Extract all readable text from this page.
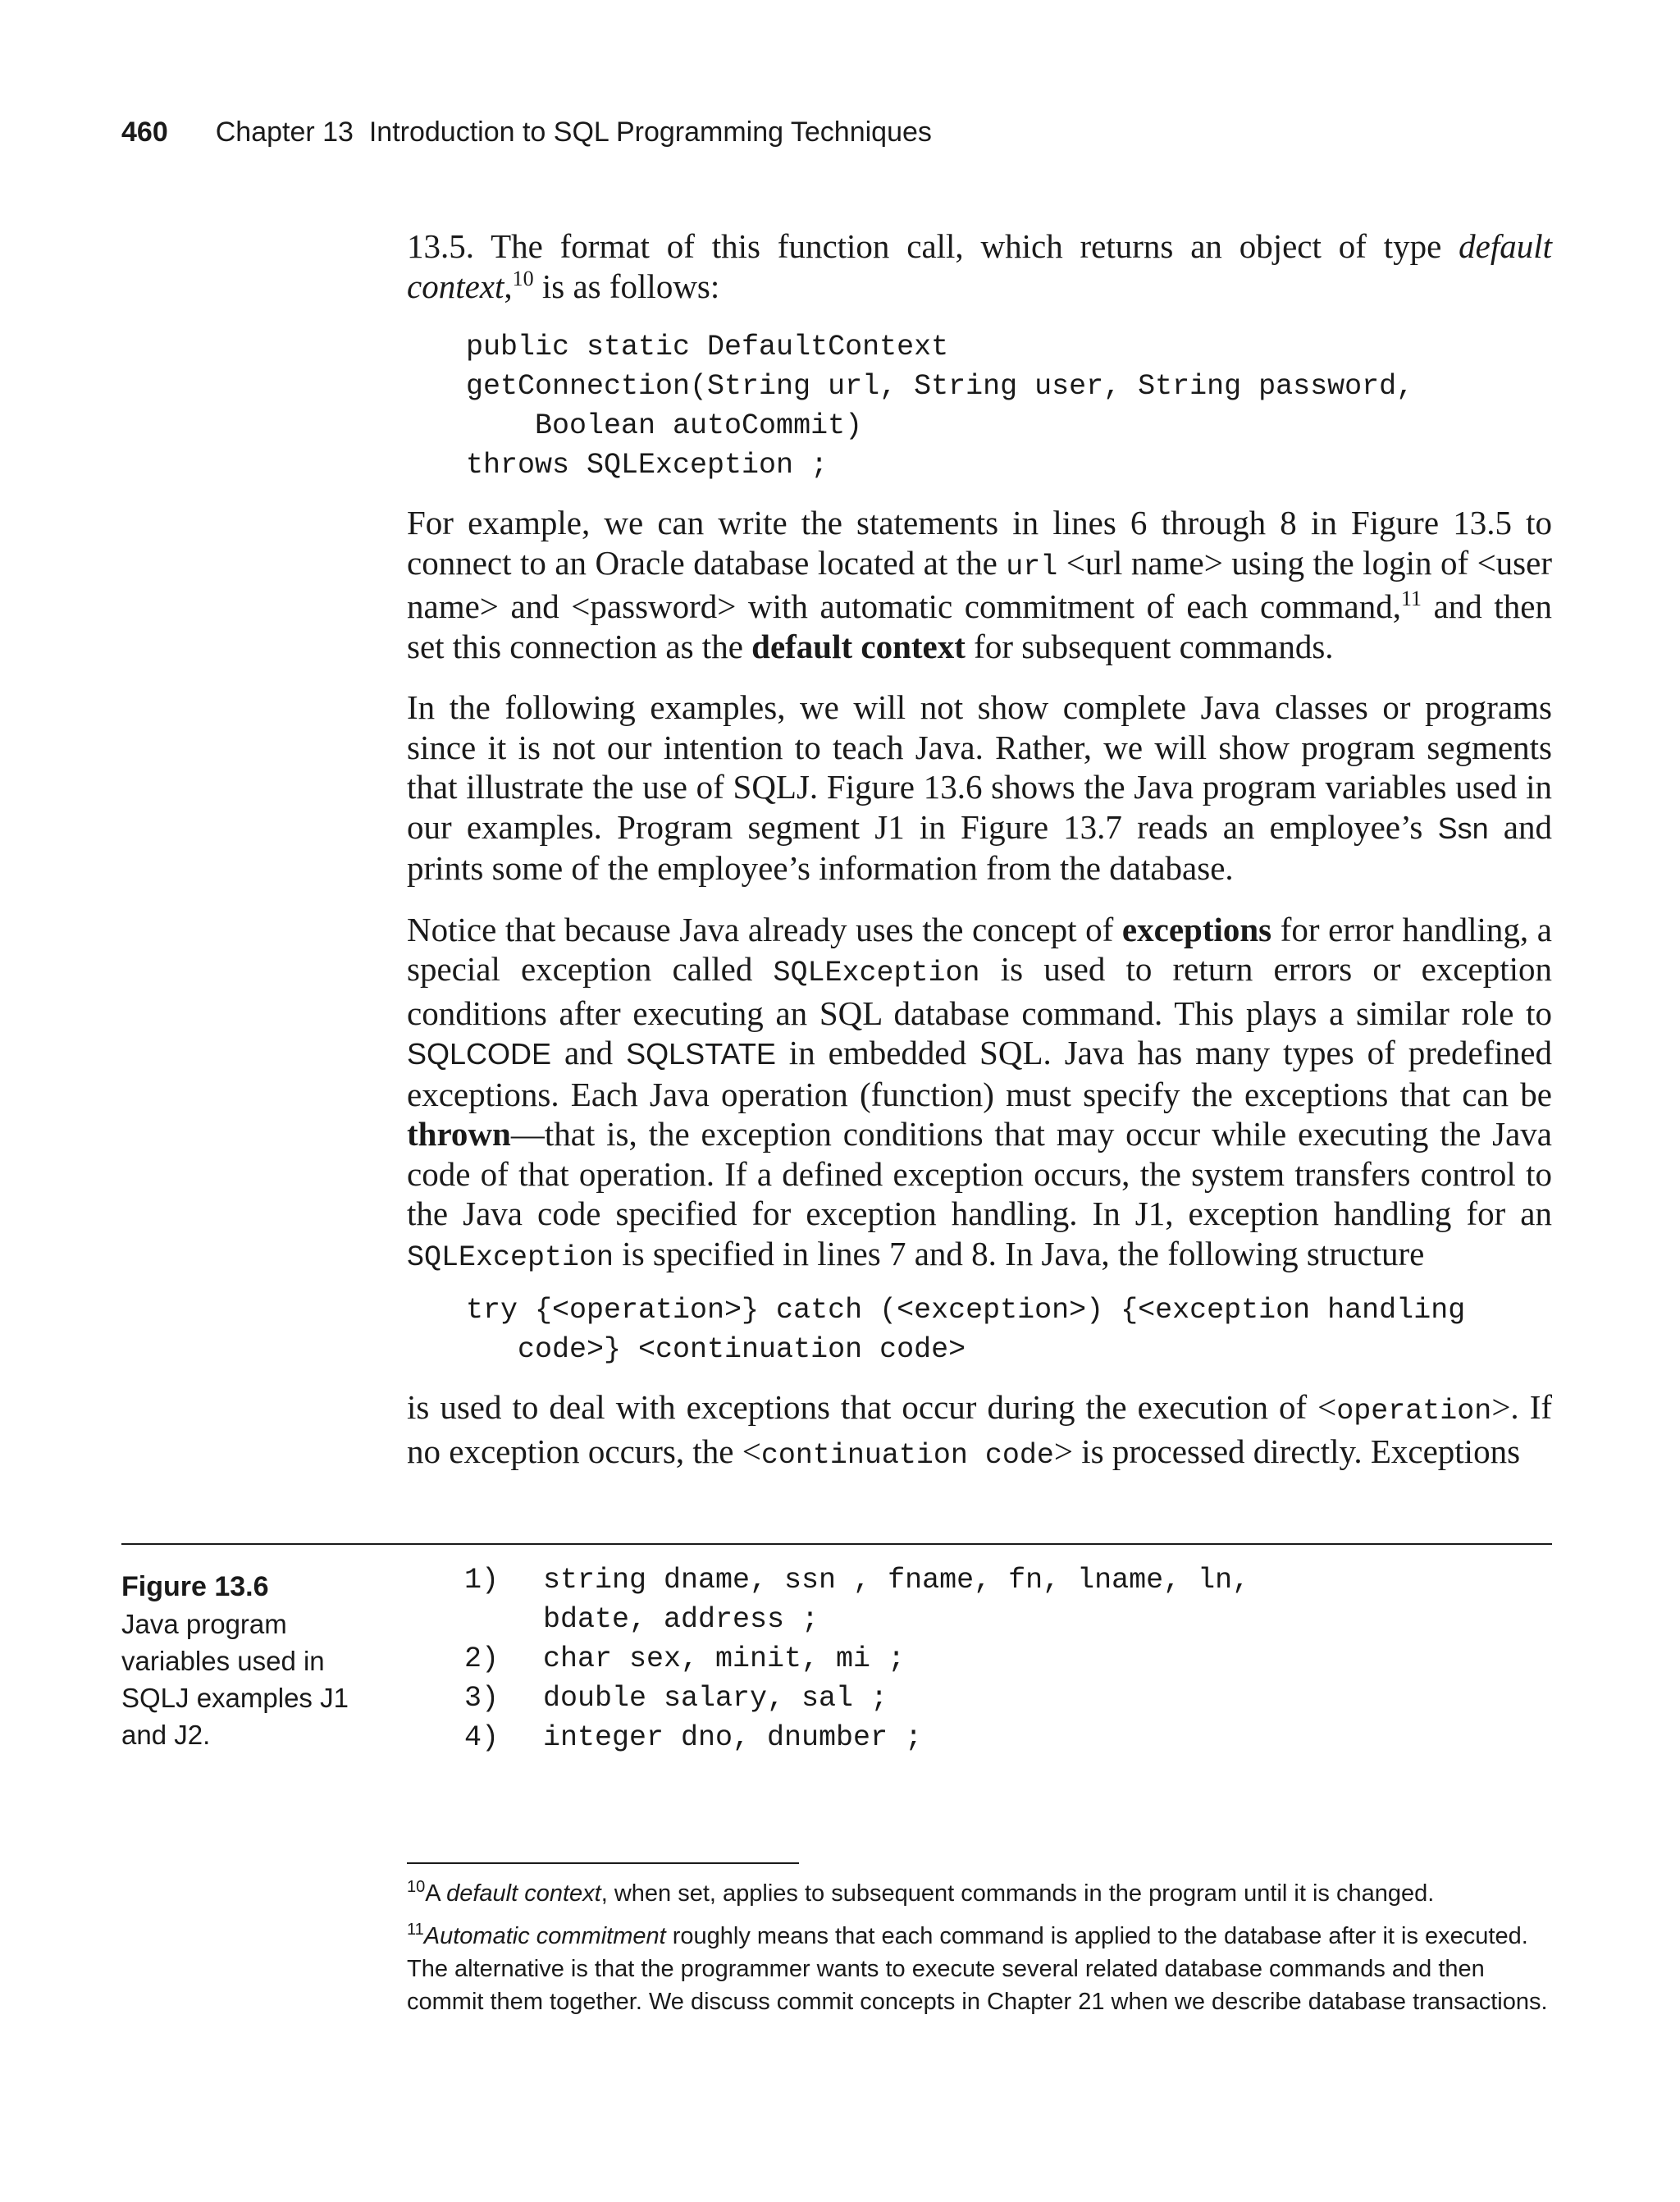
460 Chapter 13  Introduction to SQL Programming Techniques

13.5. The format of this function call, which returns an object of type default context,$^{10}$ is as follows:

public static DefaultContext
getConnection(String url, String user, String password,
Boolean autoCommit)
throws SQLException ;

For example, we can write the statements in lines 6 through 8 in Figure 13.5 to connect to an Oracle database located at the url <url name> using the login of <user name> and <password> with automatic commitment of each command,$^{11}$ and then set this connection as the default context for subsequent commands.

In the following examples, we will not show complete Java classes or programs since it is not our intention to teach Java. Rather, we will show program segments that illustrate the use of SQLJ. Figure 13.6 shows the Java program variables used in our examples. Program segment J1 in Figure 13.7 reads an employee’s Ssn and prints some of the employee’s information from the database.

Notice that because Java already uses the concept of exceptions for error handling, a special exception called SQLException is used to return errors or exception conditions after executing an SQL database command. This plays a similar role to SQLCODE and SQLSTATE in embedded SQL. Java has many types of predefined exceptions. Each Java operation (function) must specify the exceptions that can be thrown—that is, the exception conditions that may occur while executing the Java code of that operation. If a defined exception occurs, the system transfers control to the Java code specified for exception handling. In J1, exception handling for an SQLException is specified in lines 7 and 8. In Java, the following structure

try {<operation>} catch (<exception>) {<exception handling
code>} <continuation code>

is used to deal with exceptions that occur during the execution of <operation>. If no exception occurs, the <continuation code> is processed directly. Exceptions

Figure 13.6
Java program variables used in SQLJ examples J1 and J2.
1)	string dname, ssn , fname, fn, lname, ln,
bdate, address ;
2)	char sex, minit, mi ;
3)	double salary, sal ;
4)	integer dno, dnumber ;

$^{10}$A default context, when set, applies to subsequent commands in the program until it is changed.

$^{11}$Automatic commitment roughly means that each command is applied to the database after it is executed. The alternative is that the programmer wants to execute several related database commands and then commit them together. We discuss commit concepts in Chapter 21 when we describe database transactions.
